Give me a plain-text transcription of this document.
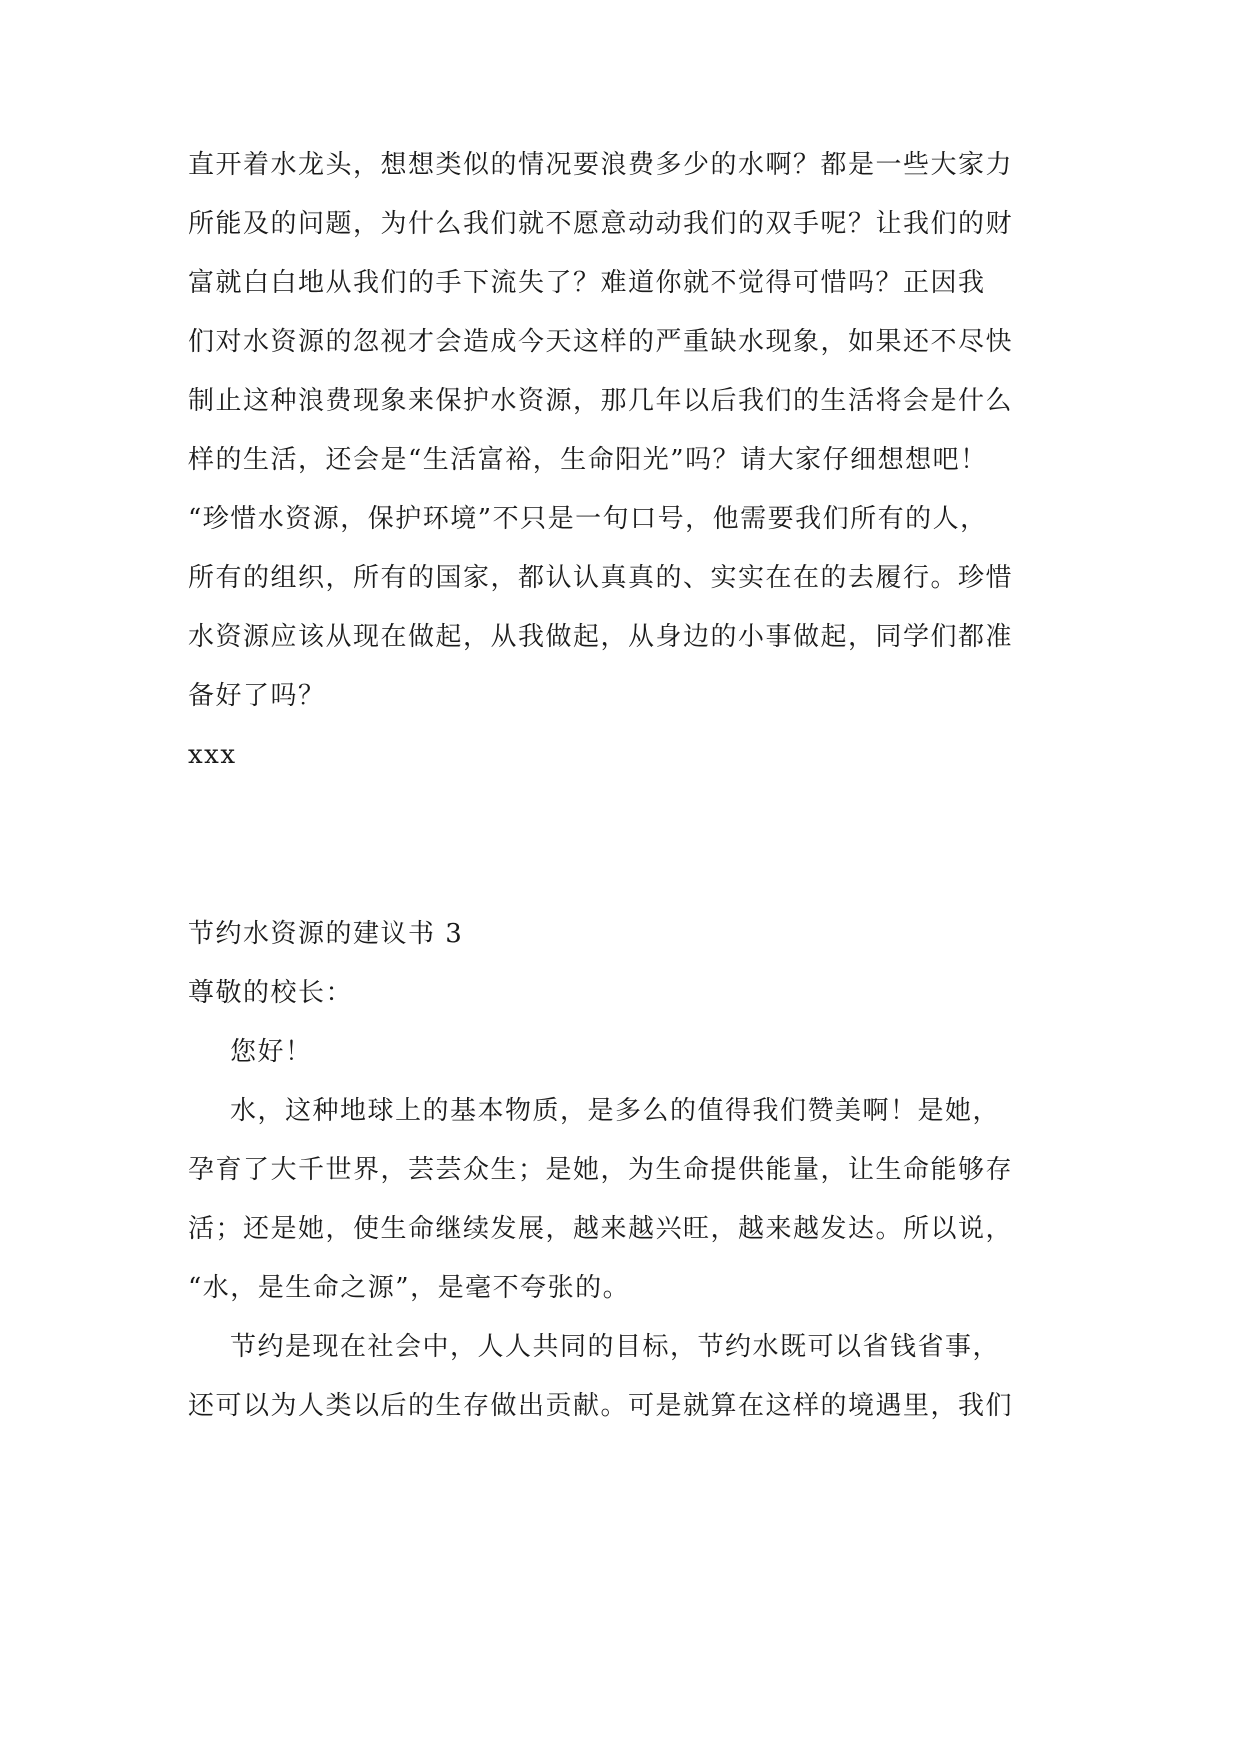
直开着水龙头，想想类似的情况要浪费多少的水啊？都是一些大家力
所能及的问题，为什么我们就不愿意动动我们的双手呢？让我们的财
富就白白地从我们的手下流失了？难道你就不觉得可惜吗？正因我
们对水资源的忽视才会造成今天这样的严重缺水现象，如果还不尽快
制止这种浪费现象来保护水资源，那几年以后我们的生活将会是什么
样的生活，还会是“生活富裕，生命阳光”吗？请大家仔细想想吧！
“珍惜水资源，保护环境”不只是一句口号，他需要我们所有的人，
所有的组织，所有的国家，都认认真真的、实实在在的去履行。珍惜
水资源应该从现在做起，从我做起，从身边的小事做起，同学们都准
备好了吗？
xxx
节约水资源的建议书 3
尊敬的校长：
您好！
水，这种地球上的基本物质，是多么的值得我们赞美啊！是她，
孕育了大千世界，芸芸众生；是她，为生命提供能量，让生命能够存
活；还是她，使生命继续发展，越来越兴旺，越来越发达。所以说，
“水，是生命之源”，是毫不夸张的。
节约是现在社会中，人人共同的目标，节约水既可以省钱省事，
还可以为人类以后的生存做出贡献。可是就算在这样的境遇里，我们
